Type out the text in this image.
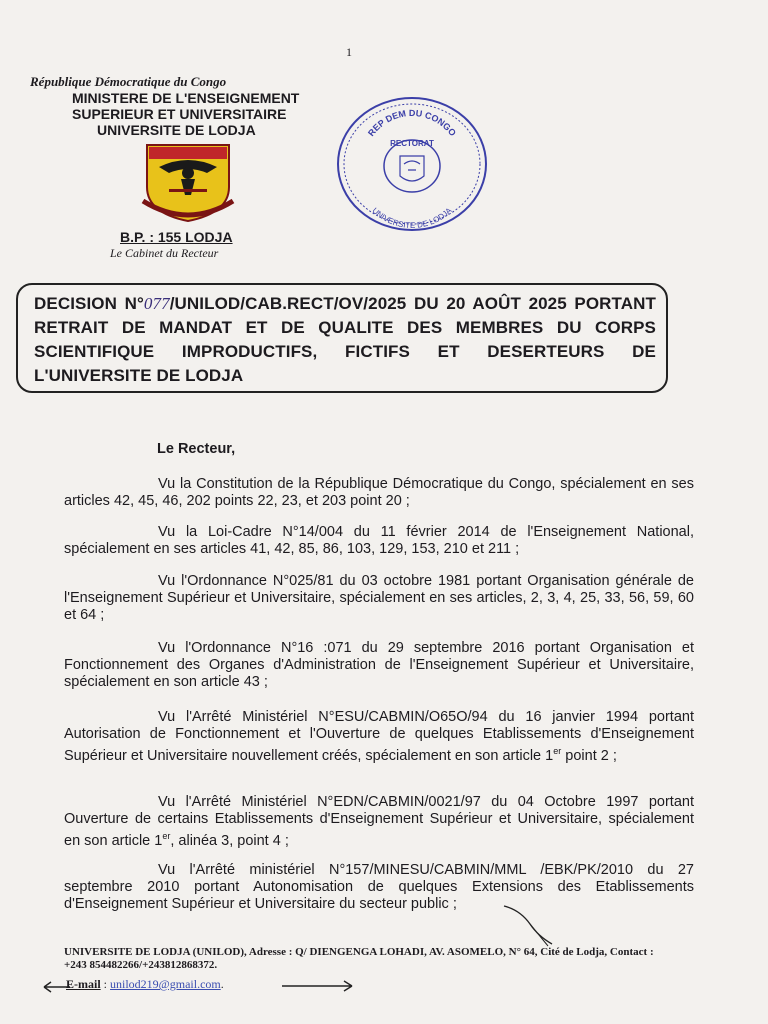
1
République Démocratique du Congo
MINISTERE DE L'ENSEIGNEMENT
SUPERIEUR ET UNIVERSITAIRE
UNIVERSITE DE LODJA
B.P. : 155 LODJA
Le Cabinet du Recteur
REP DEM DU CONGO
UNIVERSITE DE LODJA
RECTORAT

DECISION N°077/UNILOD/CAB.RECT/OV/2025 DU 20 AOÛT 2025 PORTANT RETRAIT DE MANDAT ET DE QUALITE DES MEMBRES DU CORPS SCIENTIFIQUE IMPRODUCTIFS, FICTIFS ET DESERTEURS DE L'UNIVERSITE DE LODJA

Le Recteur,

Vu la Constitution de la République Démocratique du Congo, spécialement en ses articles 42, 45, 46, 202 points 22, 23, et 203 point 20 ;

Vu la Loi-Cadre N°14/004 du 11 février 2014 de l'Enseignement National, spécialement en ses articles 41, 42, 85, 86, 103, 129, 153, 210 et 211 ;

Vu l'Ordonnance N°025/81 du 03 octobre 1981 portant Organisation générale de l'Enseignement Supérieur et Universitaire, spécialement en ses articles, 2, 3, 4, 25, 33, 56, 59, 60 et 64 ;

Vu l'Ordonnance N°16 :071 du 29 septembre 2016 portant Organisation et Fonctionnement des Organes d'Administration de l'Enseignement Supérieur et Universitaire, spécialement en son article 43 ;

Vu l'Arrêté Ministériel N°ESU/CABMIN/O65O/94 du 16 janvier 1994 portant Autorisation de Fonctionnement et l'Ouverture de quelques Etablissements d'Enseignement Supérieur et Universitaire nouvellement créés, spécialement en son article 1er point 2 ;

Vu l'Arrêté Ministériel N°EDN/CABMIN/0021/97 du 04 Octobre 1997 portant Ouverture de certains Etablissements d'Enseignement Supérieur et Universitaire, spécialement en son article 1er, alinéa 3, point 4 ;

Vu l'Arrêté ministériel N°157/MINESU/CABMIN/MML /EBK/PK/2010 du 27 septembre 2010 portant Autonomisation de quelques Extensions des Etablissements d'Enseignement Supérieur et Universitaire du secteur public ;

UNIVERSITE DE LODJA (UNILOD), Adresse : Q/ DIENGENGA LOHADI, AV. ASOMELO, N° 64, Cité de Lodja, Contact : +243 854482266/+243812868372.
E-mail : unilod219@gmail.com.
